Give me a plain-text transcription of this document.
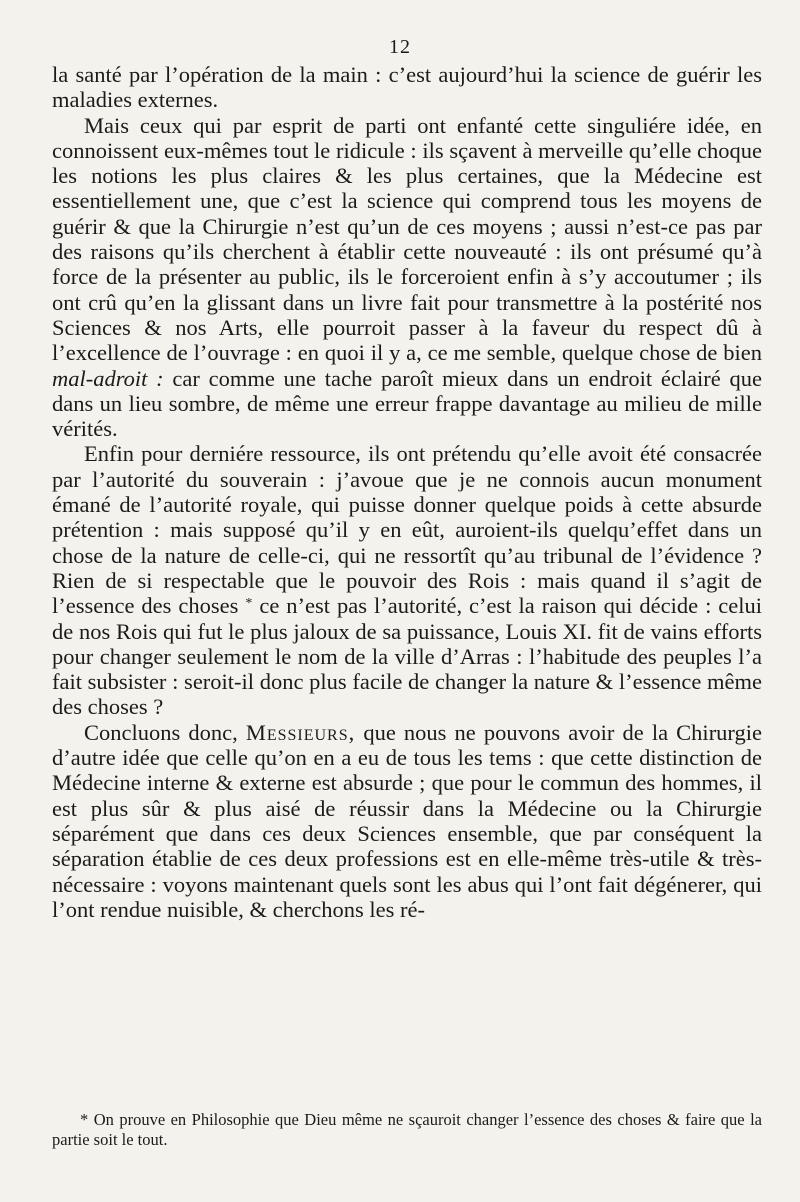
12

la santé par l’opération de la main : c’est aujourd’hui la science de guérir les maladies externes.

Mais ceux qui par esprit de parti ont enfanté cette singuliére idée, en connoissent eux-mêmes tout le ridicule : ils sçavent à merveille qu’elle choque les notions les plus claires & les plus certaines, que la Médecine est essentiellement une, que c’est la science qui comprend tous les moyens de guérir & que la Chirurgie n’est qu’un de ces moyens ; aussi n’est-ce pas par des raisons qu’ils cherchent à établir cette nouveauté : ils ont présumé qu’à force de la présenter au public, ils le forceroient enfin à s’y accoutumer ; ils ont crû qu’en la glissant dans un livre fait pour transmettre à la postérité nos Sciences & nos Arts, elle pourroit passer à la faveur du respect dû à l’excellence de l’ouvrage : en quoi il y a, ce me semble, quelque chose de bien mal-adroit : car comme une tache paroît mieux dans un endroit éclairé que dans un lieu sombre, de même une erreur frappe davantage au milieu de mille vérités.

Enfin pour derniére ressource, ils ont prétendu qu’elle avoit été consacrée par l’autorité du souverain : j’avoue que je ne connois aucun monument émané de l’autorité royale, qui puisse donner quelque poids à cette absurde prétention : mais supposé qu’il y en eût, auroient-ils quelqu’effet dans un chose de la nature de celle-ci, qui ne ressortît qu’au tribunal de l’évidence ? Rien de si respectable que le pouvoir des Rois : mais quand il s’agit de l’essence des choses * ce n’est pas l’autorité, c’est la raison qui décide : celui de nos Rois qui fut le plus jaloux de sa puissance, Louis XI. fit de vains efforts pour changer seulement le nom de la ville d’Arras : l’habitude des peuples l’a fait subsister : seroit-il donc plus facile de changer la nature & l’essence même des choses ?

Concluons donc, Messieurs, que nous ne pouvons avoir de la Chirurgie d’autre idée que celle qu’on en a eu de tous les tems : que cette distinction de Médecine interne & externe est absurde ; que pour le commun des hommes, il est plus sûr & plus aisé de réussir dans la Médecine ou la Chirurgie séparément que dans ces deux Sciences ensemble, que par conséquent la séparation établie de ces deux professions est en elle-même très-utile & très-nécessaire : voyons maintenant quels sont les abus qui l’ont fait dégénerer, qui l’ont rendue nuisible, & cherchons les ré-

* On prouve en Philosophie que Dieu même ne sçauroit changer l’essence des choses & faire que la partie soit le tout.
